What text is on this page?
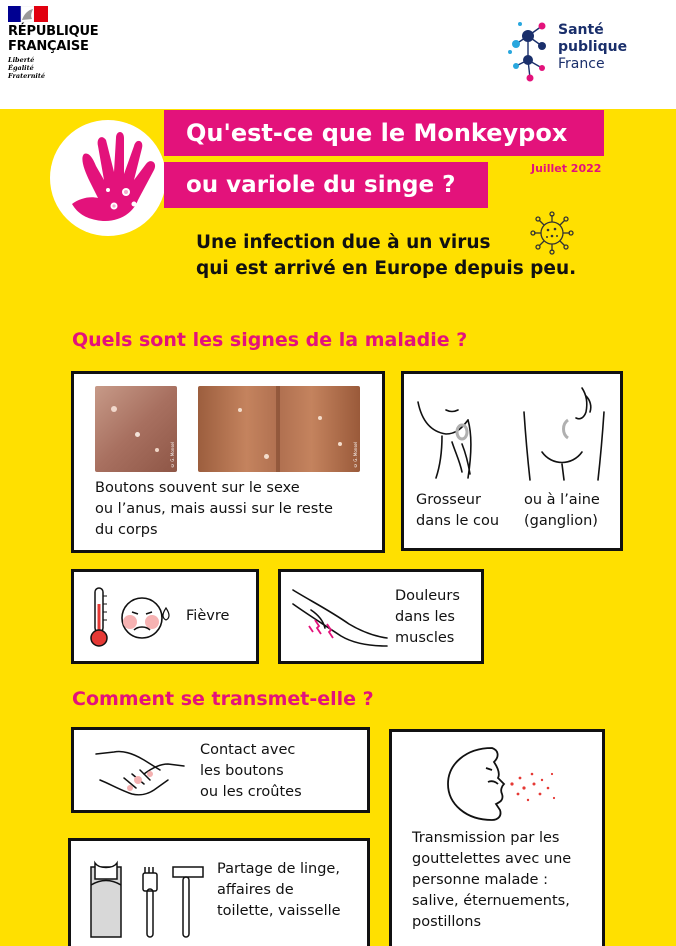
RÉPUBLIQUE
FRANÇAISE
Liberté
Égalité
Fraternité
Santé
publique
France
Qu'est-ce que le Monkeypox
ou variole du singe ?
Juillet 2022
Une infection due à un virus
qui est arrivé en Europe depuis peu.
Quels sont les signes de la maladie ?
© G. Monsel	© G. Monsel
Boutons souvent sur le sexe
ou l’anus, mais aussi sur le reste
du corps
Grosseur
dans le cou
ou à l’aine
(ganglion)
Fièvre
Douleurs
dans les
muscles
Comment se transmet-elle ?
Contact avec
les boutons
ou les croûtes
Partage de linge,
affaires de
toilette, vaisselle
Transmission par les
gouttelettes avec une
personne malade :
salive, éternuements,
postillons
